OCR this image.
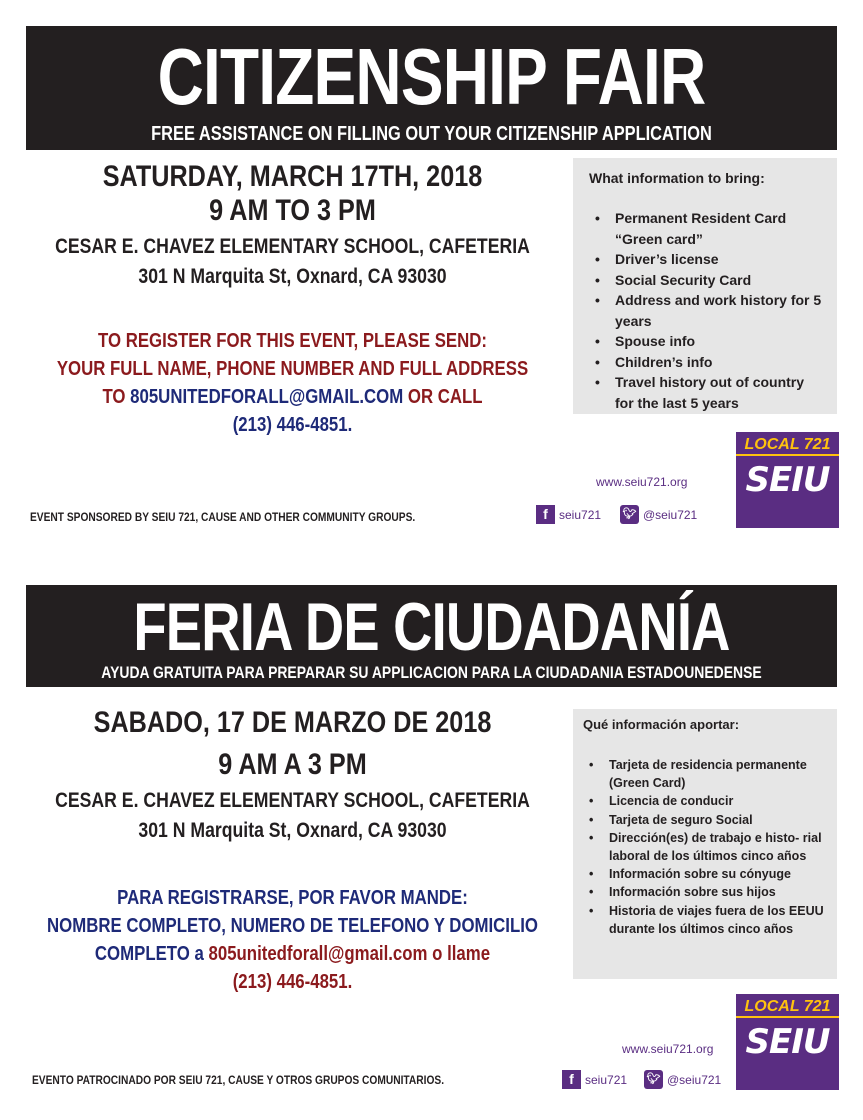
CITIZENSHIP FAIR
FREE ASSISTANCE ON FILLING OUT YOUR CITIZENSHIP APPLICATION
SATURDAY, MARCH 17TH, 2018
9 AM TO 3 PM
CESAR E. CHAVEZ ELEMENTARY SCHOOL, CAFETERIA
301 N Marquita St, Oxnard, CA 93030
TO REGISTER FOR THIS EVENT, PLEASE SEND:
YOUR FULL NAME, PHONE NUMBER AND FULL ADDRESS
TO 805UNITEDFORALL@GMAIL.COM OR CALL
(213) 446-4851.
What information to bring:
• Permanent Resident Card “Green card”
• Driver’s license
• Social Security Card
• Address and work history for 5 years
• Spouse info
• Children’s info
• Travel history out of country for the last 5 years
LOCAL 721
SEIU
www.seiu721.org
f seiu721 🐦︎ @seiu721
EVENT SPONSORED BY SEIU 721, CAUSE AND OTHER COMMUNITY GROUPS.
FERIA DE CIUDADANÍA
AYUDA GRATUITA PARA PREPARAR SU APPLICACION PARA LA CIUDADANIA ESTADOUNEDENSE
SABADO, 17 DE MARZO DE 2018
9 AM A 3 PM
CESAR E. CHAVEZ ELEMENTARY SCHOOL, CAFETERIA
301 N Marquita St, Oxnard, CA 93030
PARA REGISTRARSE, POR FAVOR MANDE:
NOMBRE COMPLETO, NUMERO DE TELEFONO Y DOMICILIO
COMPLETO a 805unitedforall@gmail.com o llame
(213) 446-4851.
Qué información aportar:
• Tarjeta de residencia permanente (Green Card)
• Licencia de conducir
• Tarjeta de seguro Social
• Dirección(es) de trabajo e histo- rial laboral de los últimos cinco años
• Información sobre su cónyuge
• Información sobre sus hijos
• Historia de viajes fuera de los EEUU durante los últimos cinco años
LOCAL 721
SEIU
www.seiu721.org
f seiu721 🐦︎ @seiu721
EVENTO PATROCINADO POR SEIU 721, CAUSE Y OTROS GRUPOS COMUNITARIOS.
